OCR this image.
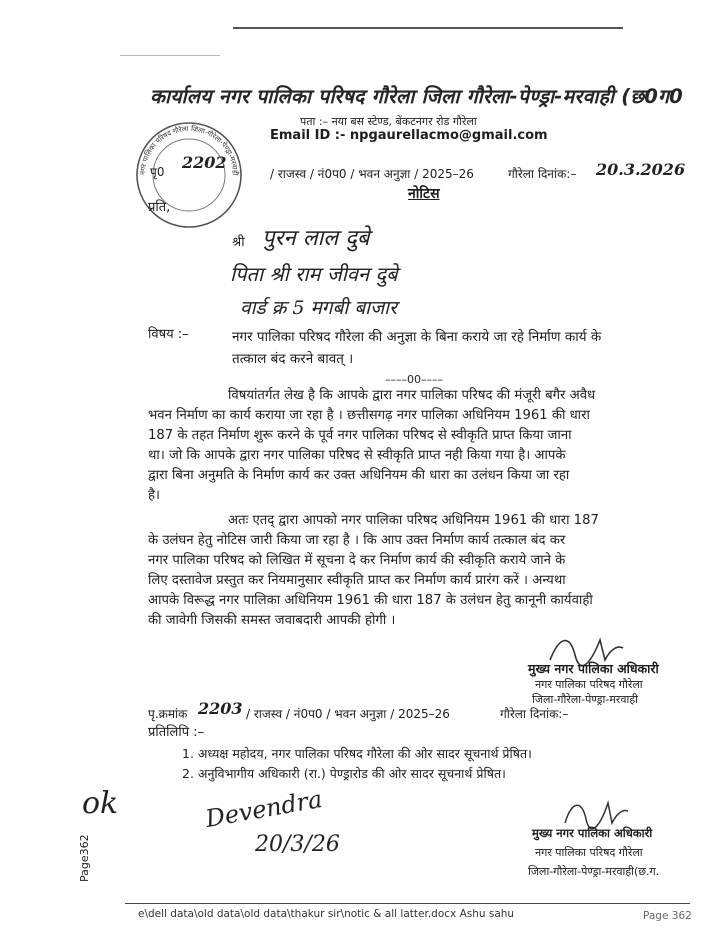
कार्यालय नगर पालिका परिषद गौरेला जिला गौरेला-पेण्ड्रा-मरवाही (छ0ग0
पता :– नया बस स्टेण्ड, बेंकटनगर रोड गौरेला
Email ID :- npgaurellacmo@gmail.com
नगर पालिका परिषद गौरेला जिला-गौरेला-पेण्ड्रा-मरवाही
पृ0 2202
/ राजस्व / नं0प0 / भवन अनुज्ञा / 2025–26	गौरेला दिनांक:– 20.3.2026
नोटिस
प्रति,
श्री पुरन लाल दुबे
पिता श्री राम जीवन दुबे
वार्ड क्र 5 मगबी बाजार
विषय :–	नगर पालिका परिषद गौरेला की अनुज्ञा के बिना कराये जा रहे निर्माण कार्य के
तत्काल बंद करने बावत् ।
––––00––––
विषयांतर्गत लेख है कि आपके द्वारा नगर पालिका परिषद की मंजूरी बगैर अवैध
भवन निर्माण का कार्य कराया जा रहा है । छत्तीसगढ़ नगर पालिका अधिनियम 1961 की धारा
187 के तहत निर्माण शुरू करने के पूर्व नगर पालिका परिषद से स्वीकृति प्राप्त किया जाना
था। जो कि आपके द्वारा नगर पालिका परिषद से स्वीकृति प्राप्त नही किया गया है। आपके
द्वारा बिना अनुमति के निर्माण कार्य कर उक्त अधिनियम की धारा का उलंधन किया जा रहा
है।
अतः एतद् द्वारा आपको नगर पालिका परिषद अधिनियम 1961 की धारा 187
के उलंघन हेतु नोटिस जारी किया जा रहा है । कि आप उक्त निर्माण कार्य तत्काल बंद कर
नगर पालिका परिषद को लिखित में सूचना दे कर निर्माण कार्य की स्वीकृति कराये जाने के
लिए दस्तावेज प्रस्तुत कर नियमानुसार स्वीकृति प्राप्त कर निर्माण कार्य प्रारंग करें । अन्यथा
आपके विरूद्ध नगर पालिका अधिनियम 1961 की धारा 187 के उलंधन हेतु कानूनी कार्यवाही
की जावेगी जिसकी समस्त जवाबदारी आपकी होगी ।
मुख्य नगर पालिका अधिकारी
नगर पालिका परिषद गौरेला
जिला-गौरेला-पेण्ड्रा-मरवाही
पृ.क्रमांक 2203 / राजस्व / नं0प0 / भवन अनुज्ञा / 2025–26	गौरेला दिनांक:–
प्रतिलिपि :–
1. अध्यक्ष महोदय, नगर पालिका परिषद गौरेला की ओर सादर सूचनार्थ प्रेषित।
2. अनुविभागीय अधिकारी (रा.) पेण्ड्रारोड की ओर सादर सूचनार्थ प्रेषित।
ok	Devendra
20/3/26
Page362
मुख्य नगर पालिका अधिकारी
नगर पालिका परिषद गौरेला
जिला-गौरेला-पेण्ड्रा-मरवाही(छ.ग.
e\dell data\old data\old data\thakur sir\notic & all latter.docx Ashu sahu	Page 362
